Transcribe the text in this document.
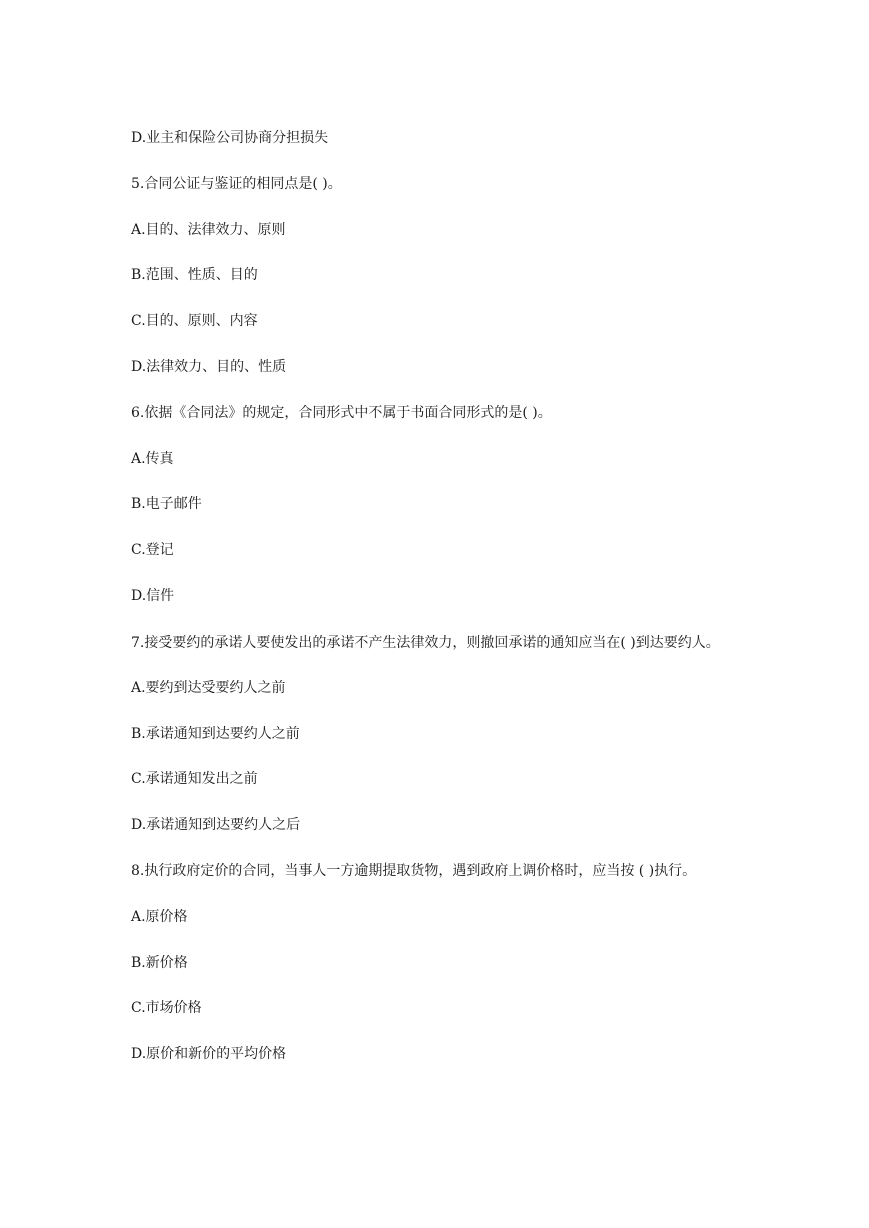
D.业主和保险公司协商分担损失
5.合同公证与鉴证的相同点是( )。
A.目的、法律效力、原则
B.范围、性质、目的
C.目的、原则、内容
D.法律效力、目的、性质
6.依据《合同法》的规定，合同形式中不属于书面合同形式的是( )。
A.传真
B.电子邮件
C.登记
D.信件
7.接受要约的承诺人要使发出的承诺不产生法律效力，则撤回承诺的通知应当在( )到达要约人。
A.要约到达受要约人之前
B.承诺通知到达要约人之前
C.承诺通知发出之前
D.承诺通知到达要约人之后
8.执行政府定价的合同，当事人一方逾期提取货物，遇到政府上调价格时，应当按 ( )执行。
A.原价格
B.新价格
C.市场价格
D.原价和新价的平均价格
